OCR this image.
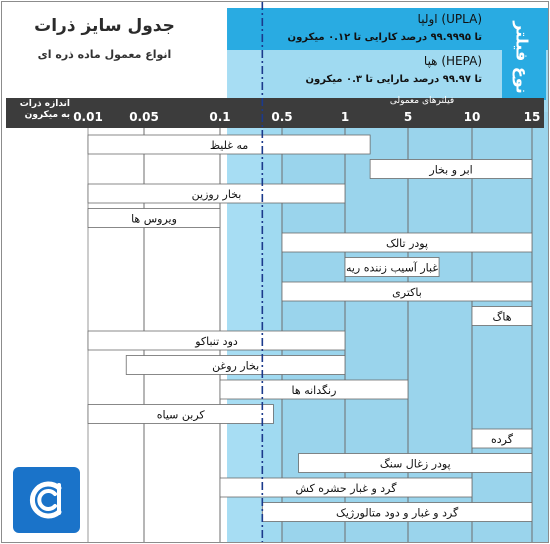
مه غلیظ
ابر و بخار
بخار روزین
ویروس ها
پودر تالک
غبار آسیب زننده ریه
باکتری
هاگ
دود تنباکو
بخار روغن
رنگدانه ها
کربن سیاه
گرده
پودر زغال سنگ
گرد و غبار حشره کش
گرد و غبار و دود متالورژیک
0.01 0.05	0.1	0.5	1	5	10	15
جدول سایز ذرات
انواع معمول ماده ذره ای
(UPLA) اولپا
تا ۹۹.۹۹۹۵ درصد کارایی تا ۰.۱۲ میکرون
(HEPA) هپا
تا ۹۹.۹۷ درصد مارایی تا ۰.۳ میکرون نوع فیلتر
فیلترهای معمولی
اندازه ذرات
به میکرون
